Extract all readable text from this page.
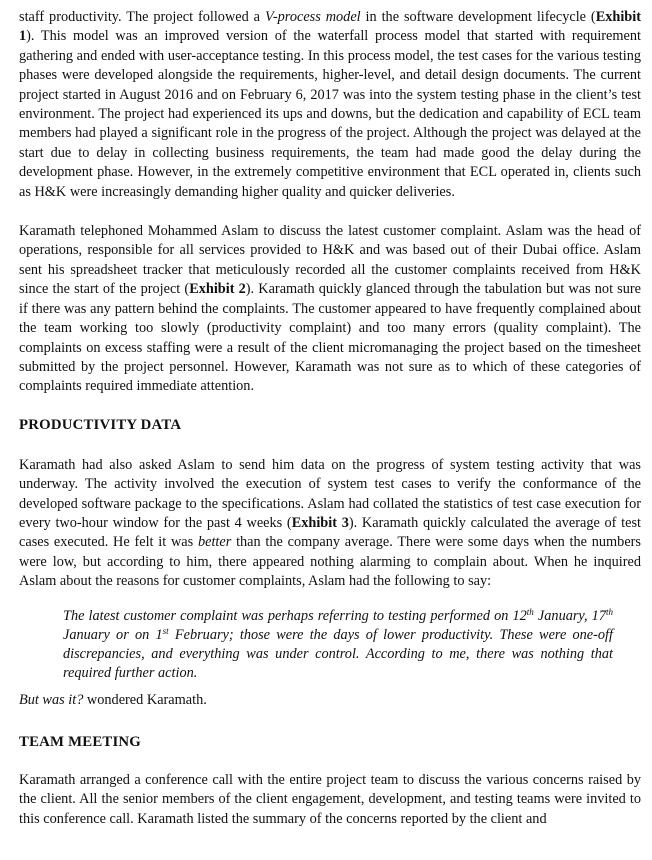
staff productivity. The project followed a V-process model in the software development lifecycle (Exhibit 1). This model was an improved version of the waterfall process model that started with requirement gathering and ended with user-acceptance testing. In this process model, the test cases for the various testing phases were developed alongside the requirements, higher-level, and detail design documents. The current project started in August 2016 and on February 6, 2017 was into the system testing phase in the client’s test environment. The project had experienced its ups and downs, but the dedication and capability of ECL team members had played a significant role in the progress of the project. Although the project was delayed at the start due to delay in collecting business requirements, the team had made good the delay during the development phase. However, in the extremely competitive environment that ECL operated in, clients such as H&K were increasingly demanding higher quality and quicker deliveries.

Karamath telephoned Mohammed Aslam to discuss the latest customer complaint. Aslam was the head of operations, responsible for all services provided to H&K and was based out of their Dubai office. Aslam sent his spreadsheet tracker that meticulously recorded all the customer complaints received from H&K since the start of the project (Exhibit 2). Karamath quickly glanced through the tabulation but was not sure if there was any pattern behind the complaints. The customer appeared to have frequently complained about the team working too slowly (productivity complaint) and too many errors (quality complaint). The complaints on excess staffing were a result of the client micromanaging the project based on the timesheet submitted by the project personnel. However, Karamath was not sure as to which of these categories of complaints required immediate attention.

PRODUCTIVITY DATA

Karamath had also asked Aslam to send him data on the progress of system testing activity that was underway. The activity involved the execution of system test cases to verify the conformance of the developed software package to the specifications. Aslam had collated the statistics of test case execution for every two-hour window for the past 4 weeks (Exhibit 3). Karamath quickly calculated the average of test cases executed. He felt it was better than the company average. There were some days when the numbers were low, but according to him, there appeared nothing alarming to complain about. When he inquired Aslam about the reasons for customer complaints, Aslam had the following to say:

The latest customer complaint was perhaps referring to testing performed on 12th January, 17th January or on 1st February; those were the days of lower productivity. These were one-off discrepancies, and everything was under control. According to me, there was nothing that required further action.

But was it? wondered Karamath.

TEAM MEETING

Karamath arranged a conference call with the entire project team to discuss the various concerns raised by the client. All the senior members of the client engagement, development, and testing teams were invited to this conference call. Karamath listed the summary of the concerns reported by the client and
